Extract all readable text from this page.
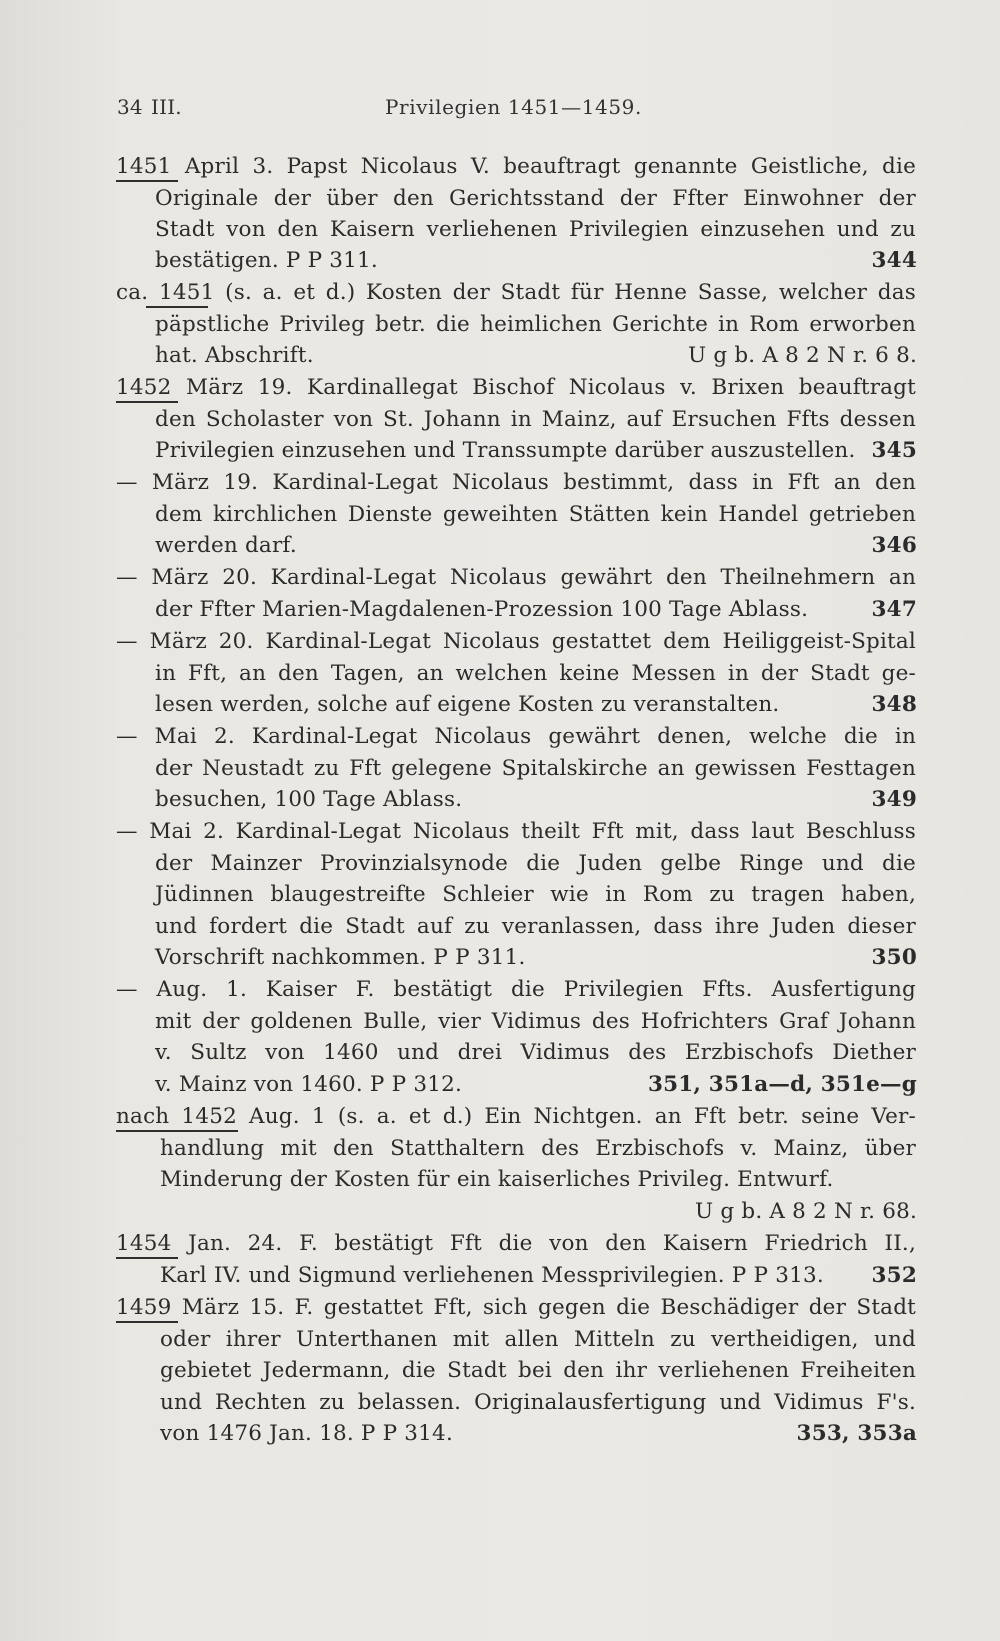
34 III.	Privilegien 1451—1459.
1451 April 3. Papst Nicolaus V. beauftragt genannte Geistliche, die
Originale der über den Gerichtsstand der Ffter Einwohner der
Stadt von den Kaisern verliehenen Privilegien einzusehen und zu
bestätigen. P P 311.	344
ca. 1451 (s. a. et d.) Kosten der Stadt für Henne Sasse, welcher das
päpstliche Privileg betr. die heimlichen Gerichte in Rom erworben
hat. Abschrift.	U g b. A 8 2 N r. 6 8.
1452 März 19. Kardinallegat Bischof Nicolaus v. Brixen beauftragt
den Scholaster von St. Johann in Mainz, auf Ersuchen Ffts dessen
Privilegien einzusehen und Transsumpte darüber auszustellen. 345
— März 19. Kardinal-Legat Nicolaus bestimmt, dass in Fft an den
dem kirchlichen Dienste geweihten Stätten kein Handel getrieben
werden darf.	346
— März 20. Kardinal-Legat Nicolaus gewährt den Theilnehmern an
der Ffter Marien-Magdalenen-Prozession 100 Tage Ablass.	347
— März 20. Kardinal-Legat Nicolaus gestattet dem Heiliggeist-Spital
in Fft, an den Tagen, an welchen keine Messen in der Stadt ge-
lesen werden, solche auf eigene Kosten zu veranstalten.	348
— Mai 2. Kardinal-Legat Nicolaus gewährt denen, welche die in
der Neustadt zu Fft gelegene Spitalskirche an gewissen Festtagen
besuchen, 100 Tage Ablass.	349
— Mai 2. Kardinal-Legat Nicolaus theilt Fft mit, dass laut Beschluss
der Mainzer Provinzialsynode die Juden gelbe Ringe und die
Jüdinnen blaugestreifte Schleier wie in Rom zu tragen haben,
und fordert die Stadt auf zu veranlassen, dass ihre Juden dieser
Vorschrift nachkommen. P P 311.	350
— Aug. 1. Kaiser F. bestätigt die Privilegien Ffts. Ausfertigung
mit der goldenen Bulle, vier Vidimus des Hofrichters Graf Johann
v. Sultz von 1460 und drei Vidimus des Erzbischofs Diether
v. Mainz von 1460. P P 312.	351, 351a—d, 351e—g
nach 1452 Aug. 1 (s. a. et d.) Ein Nichtgen. an Fft betr. seine Ver-
handlung mit den Statthaltern des Erzbischofs v. Mainz, über
Minderung der Kosten für ein kaiserliches Privileg. Entwurf.
U g b. A 8 2 N r. 68.
1454 Jan. 24. F. bestätigt Fft die von den Kaisern Friedrich II.,
Karl IV. und Sigmund verliehenen Messprivilegien. P P 313. 352
1459 März 15. F. gestattet Fft, sich gegen die Beschädiger der Stadt
oder ihrer Unterthanen mit allen Mitteln zu vertheidigen, und
gebietet Jedermann, die Stadt bei den ihr verliehenen Freiheiten
und Rechten zu belassen. Originalausfertigung und Vidimus F's.
von 1476 Jan. 18. P P 314.	353, 353a
